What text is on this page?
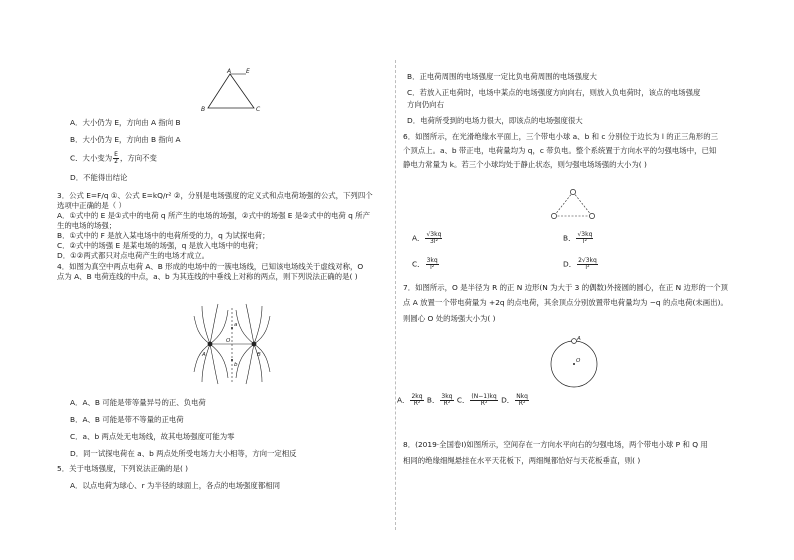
A E
B	C
A．大小仍为 E，方向由 A 指向 B
B．大小仍为 E，方向由 B 指向 A
C．大小变为 $\frac{E}{2}$ ，方向不变
D．不能得出结论
3．公式 E=F/q ①、公式 E=kQ/r² ②，分别是电场强度的定义式和点电荷场强的公式，下列四个
选项中正确的是（ ）
A．①式中的 E 是①式中的电荷 q 所产生的电场的场强，②式中的场强 E 是②式中的电荷 q 所产
生的电场的场强；
B．①式中的 F 是放入某电场中的电荷所受的力，q 为试探电荷；
C．②式中的场强 E 是某电场的场强，q 是放入电场中的电荷；
D．①②两式都只对点电荷产生的电场才成立。
4．如图为真空中两点电荷 A、B 形成的电场中的一簇电场线，已知该电场线关于虚线对称，O
点为 A、B 电荷连线的中点，a、b 为其连线的中垂线上对称的两点，则下列说法正确的是( )
a
b
O
A	B
A．A、B 可能是带等量异号的正、负电荷
B．A、B 可能是带不等量的正电荷
C．a、b 两点处无电场线，故其电场强度可能为零
D．同一试探电荷在 a、b 两点处所受电场力大小相等，方向一定相反
5．关于电场强度，下列说法正确的是( )
A．以点电荷为球心、r 为半径的球面上，各点的电场强度都相同
B．正电荷周围的电场强度一定比负电荷周围的电场强度大
C．若放入正电荷时，电场中某点的电场强度方向向右，则放入负电荷时，该点的电场强度
方向仍向右
D．电荷所受到的电场力很大，即该点的电场强度很大
6．如图所示，在光滑绝缘水平面上，三个带电小球 a、b 和 c 分别位于边长为 l 的正三角形的三
个顶点上。a、b 带正电，电荷量均为 q，c 带负电。整个系统置于方向水平的匀强电场中，已知
静电力常量为 k。若三个小球均处于静止状态，则匀强电场场强的大小为( )
A． $\frac{√3kq}{\text{3l²}}$	B． $\frac{√3kq}{\text{l²}}$
C． $\frac{3kq}{\text{l²}}$	D． $\frac{2√3kq}{\text{l²}}$
7．如图所示，O 是半径为 R 的正 N 边形(N 为大于 3 的偶数)外接圆的圆心，在正 N 边形的一个顶
点 A 放置一个带电荷量为 +2q 的点电荷，其余顶点分别放置带电荷量均为 −q 的点电荷(未画出)。
则圆心 O 处的场强大小为( )
A
O
A． $\frac{2kq}{\text{R²}}$ B． $\frac{3kq}{\text{R²}}$ C． $\frac{(N-1)kq}{\text{R²}}$ D． $\frac{\text{Nkq}}{\text{R²}}$
8．(2019·全国卷Ⅰ)如图所示，空间存在一方向水平向右的匀强电场，两个带电小球 P 和 Q 用
相同的绝缘细绳悬挂在水平天花板下，两细绳都恰好与天花板垂直，则( )
